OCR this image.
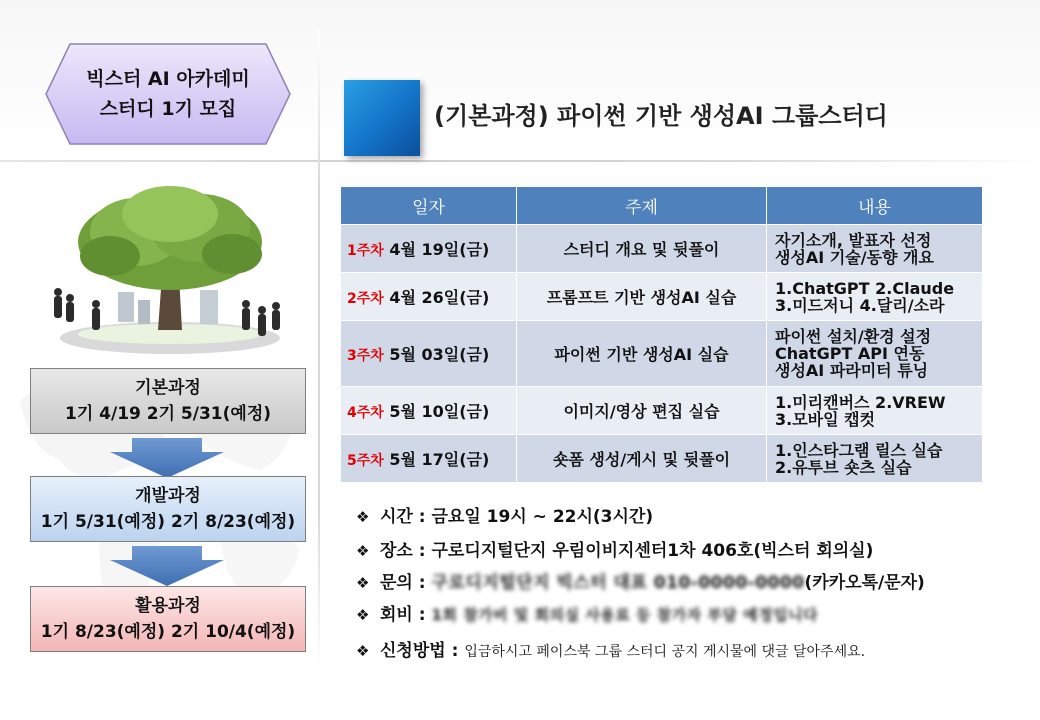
빅스터 AI 아카데미
스터디 1기 모집	(기본과정) 파이썬 기반 생성AI 그룹스터디
기본과정
1기 4/19 2기 5/31(예정)
개발과정
1기 5/31(예정) 2기 8/23(예정)
활용과정
1기 8/23(예정) 2기 10/4(예정)
일자	주제	내용
1주차 4월 19일(금)	스터디 개요 및 뒷풀이	자기소개, 발표자 선정
생성AI 기술/동향 개요

2주차 4월 26일(금)	프롬프트 기반 생성AI 실습	1.ChatGPT 2.Claude
3.미드저니 4.달리/소라

3주차 5월 03일(금)	파이썬 기반 생성AI 실습	파이썬 설치/환경 설정
ChatGPT API 연동
생성AI 파라미터 튜닝

4주차 5월 10일(금)	이미지/영상 편집 실습	1.미리캔버스 2.VREW
3.모바일 캡컷

5주차 5월 17일(금)	숏폼 생성/게시 및 뒷풀이	1.인스타그램 릴스 실습
2.유투브 숏츠 실습
❖ 시간 : 금요일 19시 ~ 22시(3시간)
❖ 장소 : 구로디지털단지 우림이비지센터1차 406호(빅스터 회의실)
❖ 문의 : 구로디지털단지 빅스터 대표 010-0000-0000(카카오톡/문자)
❖ 회비 : 1회 참가비 및 회의실 사용료 등 참가자 부담 예정입니다
❖ 신청방법 : 입금하시고 페이스북 그룹 스터디 공지 게시물에 댓글 달아주세요.
